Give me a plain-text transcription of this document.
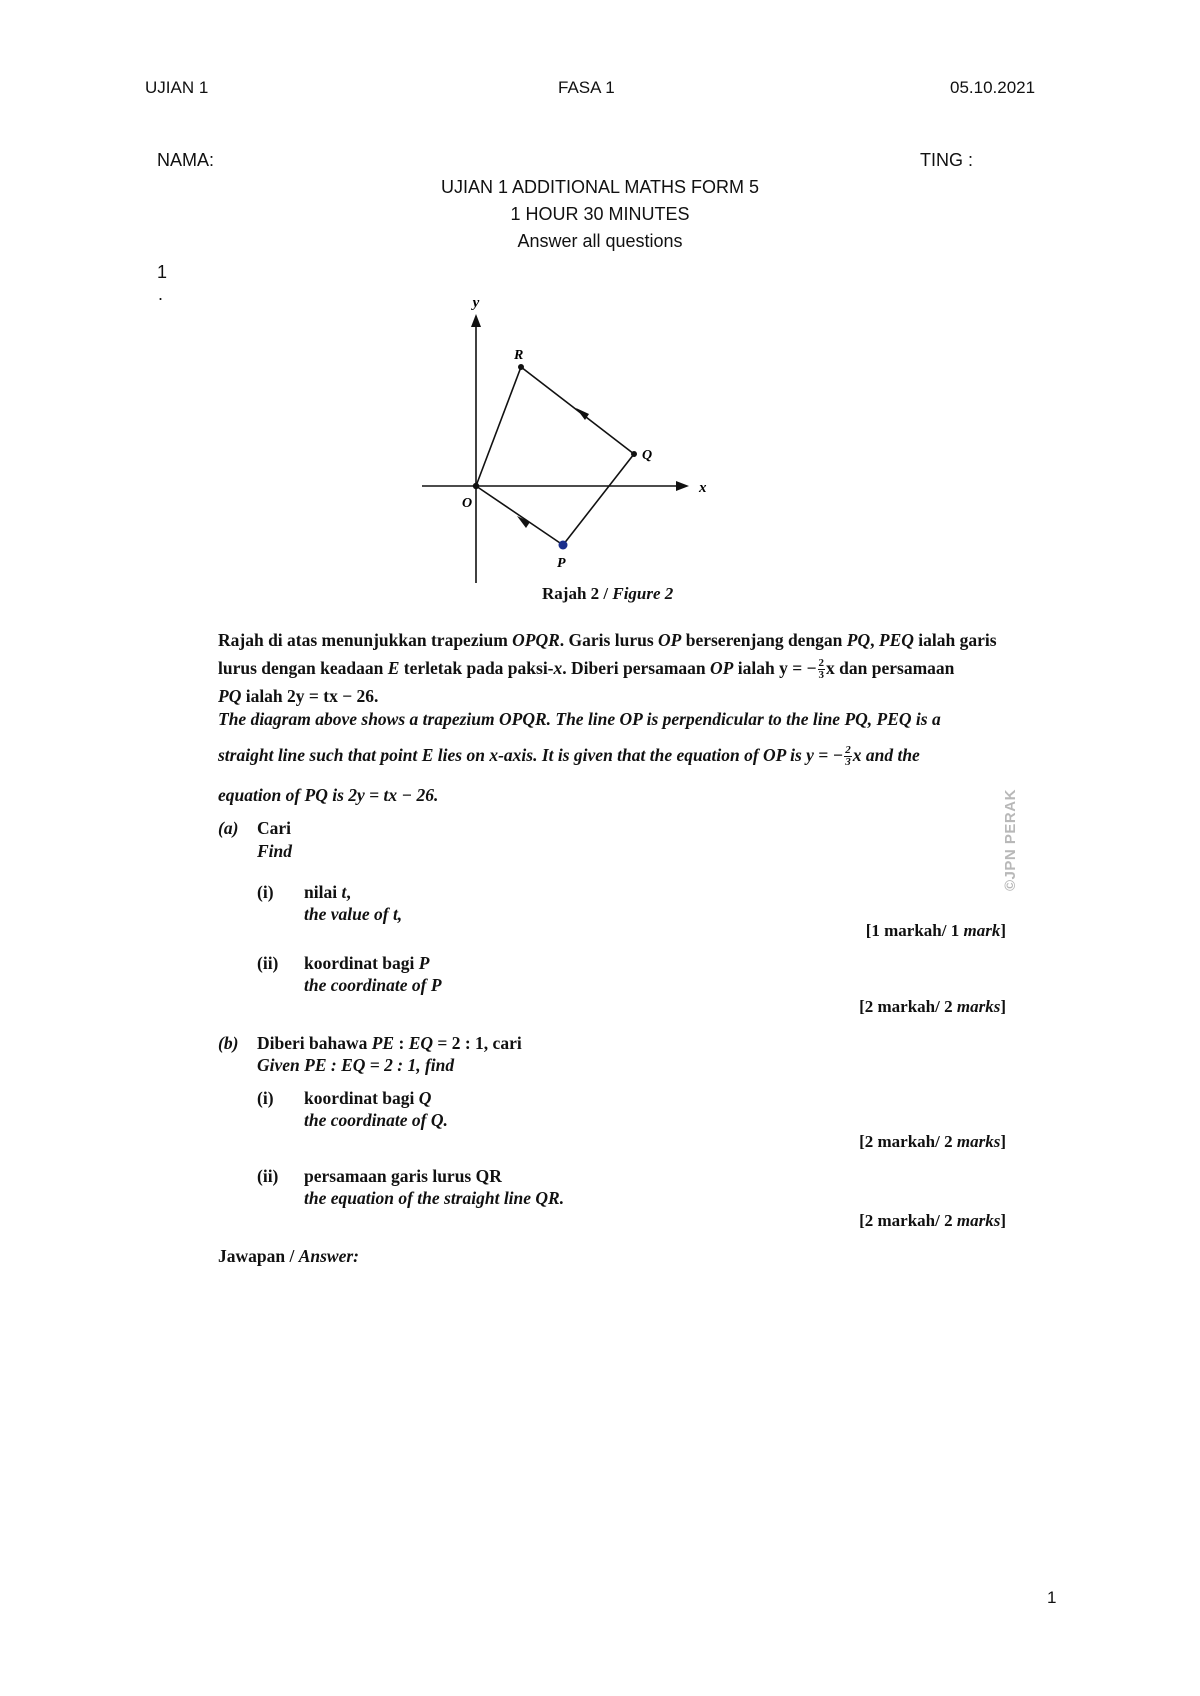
UJIAN 1	FASA 1	05.10.2021
NAMA:	TING :
UJIAN 1 ADDITIONAL MATHS FORM 5
1 HOUR 30 MINUTES
Answer all questions
1
.	y
x
O
R
Q
P
Rajah 2 / Figure 2
Rajah di atas menunjukkan trapezium OPQR. Garis lurus OP berserenjang dengan PQ, PEQ ialah garis
lurus dengan keadaan E terletak pada paksi-x. Diberi persamaan OP ialah y = − $\frac{2}{3}$ x dan persamaan
PQ ialah 2y = tx − 26.
The diagram above shows a trapezium OPQR. The line OP is perpendicular to the line PQ, PEQ is a
straight line such that point E lies on x-axis. It is given that the equation of OP is y = − $\frac{2}{3}$ x and the
equation of PQ is 2y = tx − 26.
(a) Cari
Find
(i) nilai t,
the value of t,
[1 markah/ 1 mark]
(ii) koordinat bagi P
the coordinate of P
[2 markah/ 2 marks]
(b) Diberi bahawa PE : EQ = 2 : 1, cari
Given PE : EQ = 2 : 1, find
(i) koordinat bagi Q
the coordinate of Q.
[2 markah/ 2 marks]
(ii) persamaan garis lurus QR
the equation of the straight line QR.
[2 markah/ 2 marks]
Jawapan / Answer:
©JPN PERAK
1
